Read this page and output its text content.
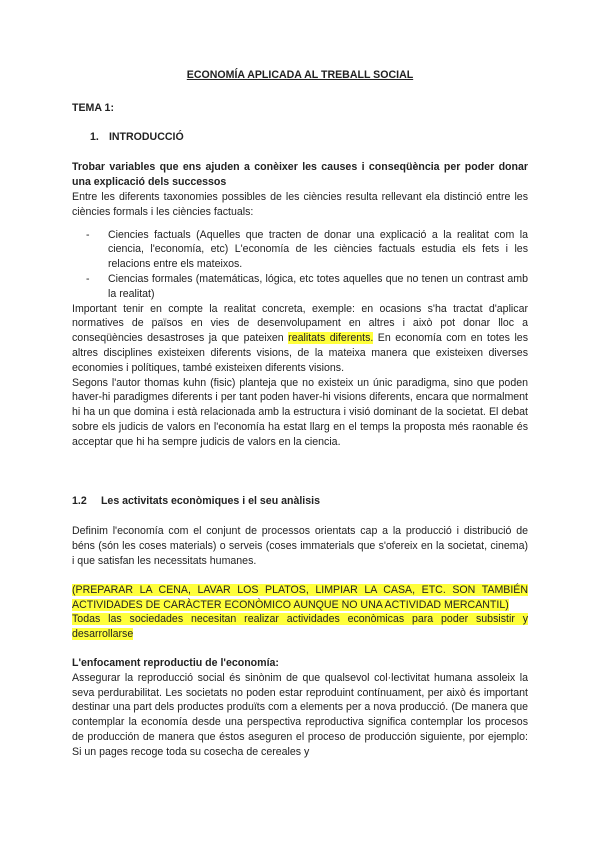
ECONOMÍA APLICADA AL TREBALL SOCIAL
TEMA 1:
1. INTRODUCCIÓ

Trobar variables que ens ajuden a conèixer les causes i conseqüència per poder donar una explicació dels successos

Entre les diferents taxonomies possibles de les ciències resulta rellevant ela distinció entre les ciències formals i les ciències factuals:

- Ciencies factuals (Aquelles que tracten de donar una explicació a la realitat com la ciencia, l'economía, etc) L'economía de les ciències factuals estudia els fets i les relacions entre els mateixos.
- Ciencias formales (matemáticas, lógica, etc totes aquelles que no tenen un contrast amb la realitat)

Important tenir en compte la realitat concreta, exemple: en ocasions s'ha tractat d'aplicar normatives de països en vies de desenvolupament en altres i això pot donar lloc a conseqüències desastroses ja que pateixen realitats diferents. En economía com en totes les altres disciplines existeixen diferents visions, de la mateixa manera que existeixen diverses economies i polítiques, també existeixen diferents visions.

Segons l'autor thomas kuhn (fisic) planteja que no existeix un únic paradigma, sino que poden haver-hi paradigmes diferents i per tant poden haver-hi visions diferents, encara que normalment hi ha un que domina i està relacionada amb la estructura i visió dominant de la societat. El debat sobre els judicis de valors en l'economía ha estat llarg en el temps la proposta més raonable és acceptar que hi ha sempre judicis de valors en la ciencia.

1.2 Les activitats econòmiques i el seu anàlisis

Definim l'economía com el conjunt de processos orientats cap a la producció i distribució de béns (són les coses materials) o serveis (coses immaterials que s'ofereix en la societat, cinema) i que satisfan les necessitats humanes.

(PREPARAR LA CENA, LAVAR LOS PLATOS, LIMPIAR LA CASA, ETC. SON TAMBIÉN ACTIVIDADES DE CARÀCTER ECONÒMICO AUNQUE NO UNA ACTIVIDAD MERCANTIL)

Todas las sociedades necesitan realizar actividades econòmicas para poder subsistir y desarrollarse

L'enfocament reproductiu de l'economía:

Assegurar la reproducció social és sinònim de que qualsevol col·lectivitat humana assoleix la seva perdurabilitat. Les societats no poden estar reproduint contínuament, per això és important destinar una part dels productes produïts com a elements per a nova producció. (De manera que contemplar la economía desde una perspectiva reproductiva significa contemplar los procesos de producción de manera que éstos aseguren el proceso de producción siguiente, por ejemplo: Si un pages recoge toda su cosecha de cereales y
